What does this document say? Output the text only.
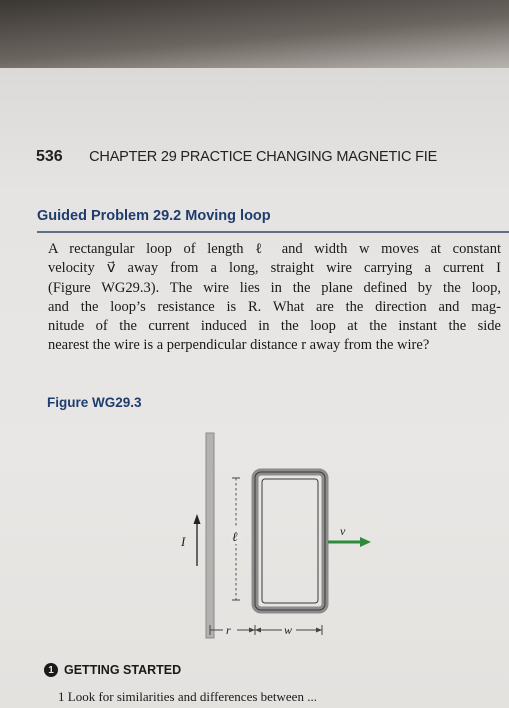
536 CHAPTER 29 PRACTICE CHANGING MAGNETIC FIE
Guided Problem 29.2 Moving loop
A rectangular loop of length ℓ and width w moves at constant
velocity v⃗ away from a long, straight wire carrying a current I
(Figure WG29.3). The wire lies in the plane defined by the loop,
and the loop’s resistance is R. What are the direction and mag-
nitude of the current induced in the loop at the instant the side
nearest the wire is a perpendicular distance r away from the wire?
Figure WG29.3
I	ℓ	v⃗
r	w
1 GETTING STARTED
1 Look for similarities and differences between ...
